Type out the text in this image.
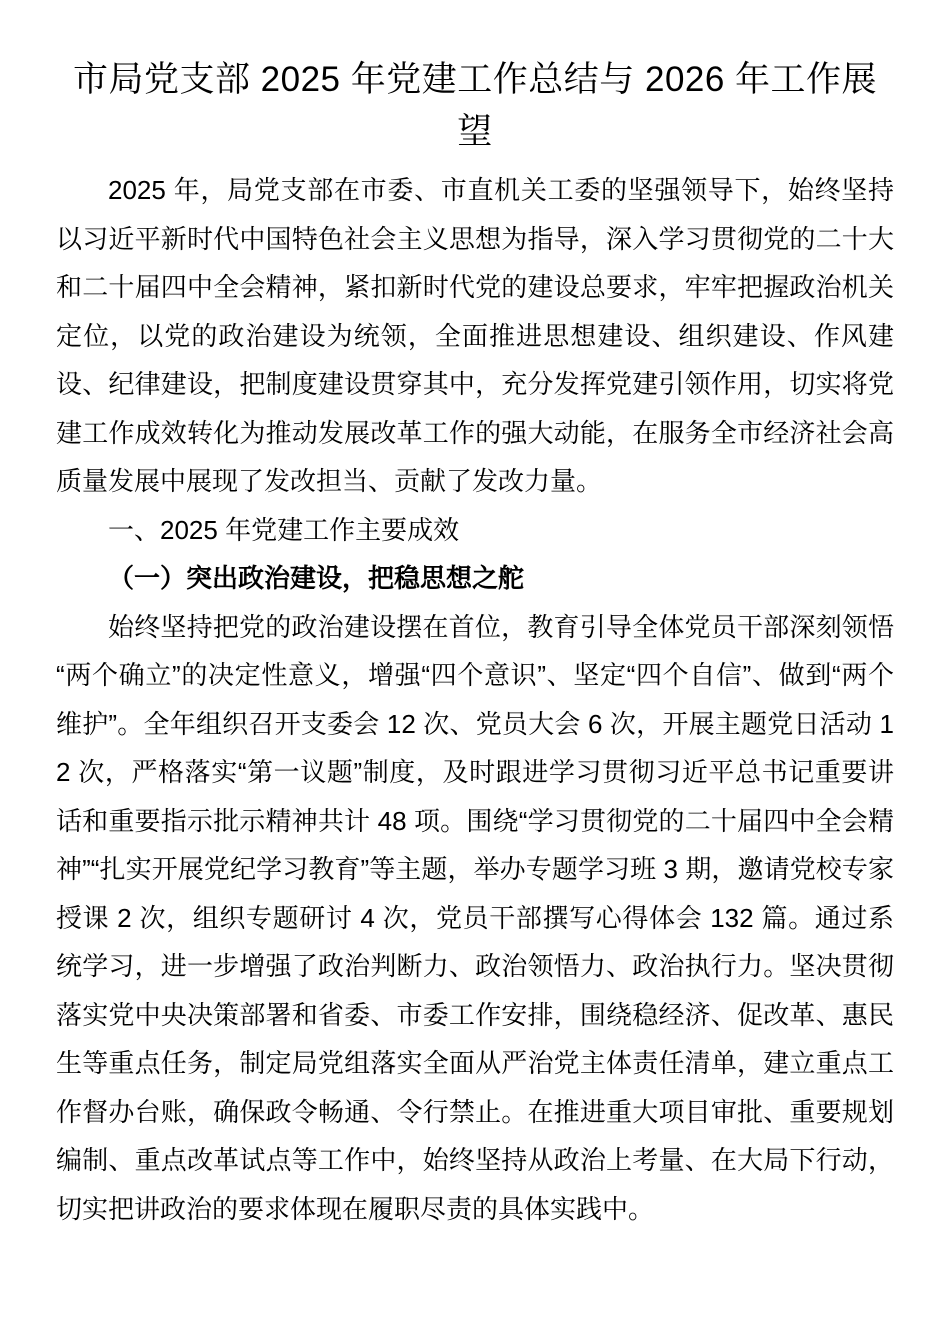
市局党支部 2025 年党建工作总结与 2026 年工作展望

2025 年，局党支部在市委、市直机关工委的坚强领导下，始终坚持以习近平新时代中国特色社会主义思想为指导，深入学习贯彻党的二十大和二十届四中全会精神，紧扣新时代党的建设总要求，牢牢把握政治机关定位，以党的政治建设为统领，全面推进思想建设、组织建设、作风建设、纪律建设，把制度建设贯穿其中，充分发挥党建引领作用，切实将党建工作成效转化为推动发展改革工作的强大动能，在服务全市经济社会高质量发展中展现了发改担当、贡献了发改力量。

一、2025 年党建工作主要成效
（一）突出政治建设，把稳思想之舵

始终坚持把党的政治建设摆在首位，教育引导全体党员干部深刻领悟“两个确立”的决定性意义，增强“四个意识”、坚定“四个自信”、做到“两个维护”。全年组织召开支委会 12 次、党员大会 6 次，开展主题党日活动 12 次，严格落实“第一议题”制度，及时跟进学习贯彻习近平总书记重要讲话和重要指示批示精神共计 48 项。围绕“学习贯彻党的二十届四中全会精神”“扎实开展党纪学习教育”等主题，举办专题学习班 3 期，邀请党校专家授课 2 次，组织专题研讨 4 次，党员干部撰写心得体会 132 篇。通过系统学习，进一步增强了政治判断力、政治领悟力、政治执行力。坚决贯彻落实党中央决策部署和省委、市委工作安排，围绕稳经济、促改革、惠民生等重点任务，制定局党组落实全面从严治党主体责任清单，建立重点工作督办台账，确保政令畅通、令行禁止。在推进重大项目审批、重要规划编制、重点改革试点等工作中，始终坚持从政治上考量、在大局下行动，切实把讲政治的要求体现在履职尽责的具体实践中。
